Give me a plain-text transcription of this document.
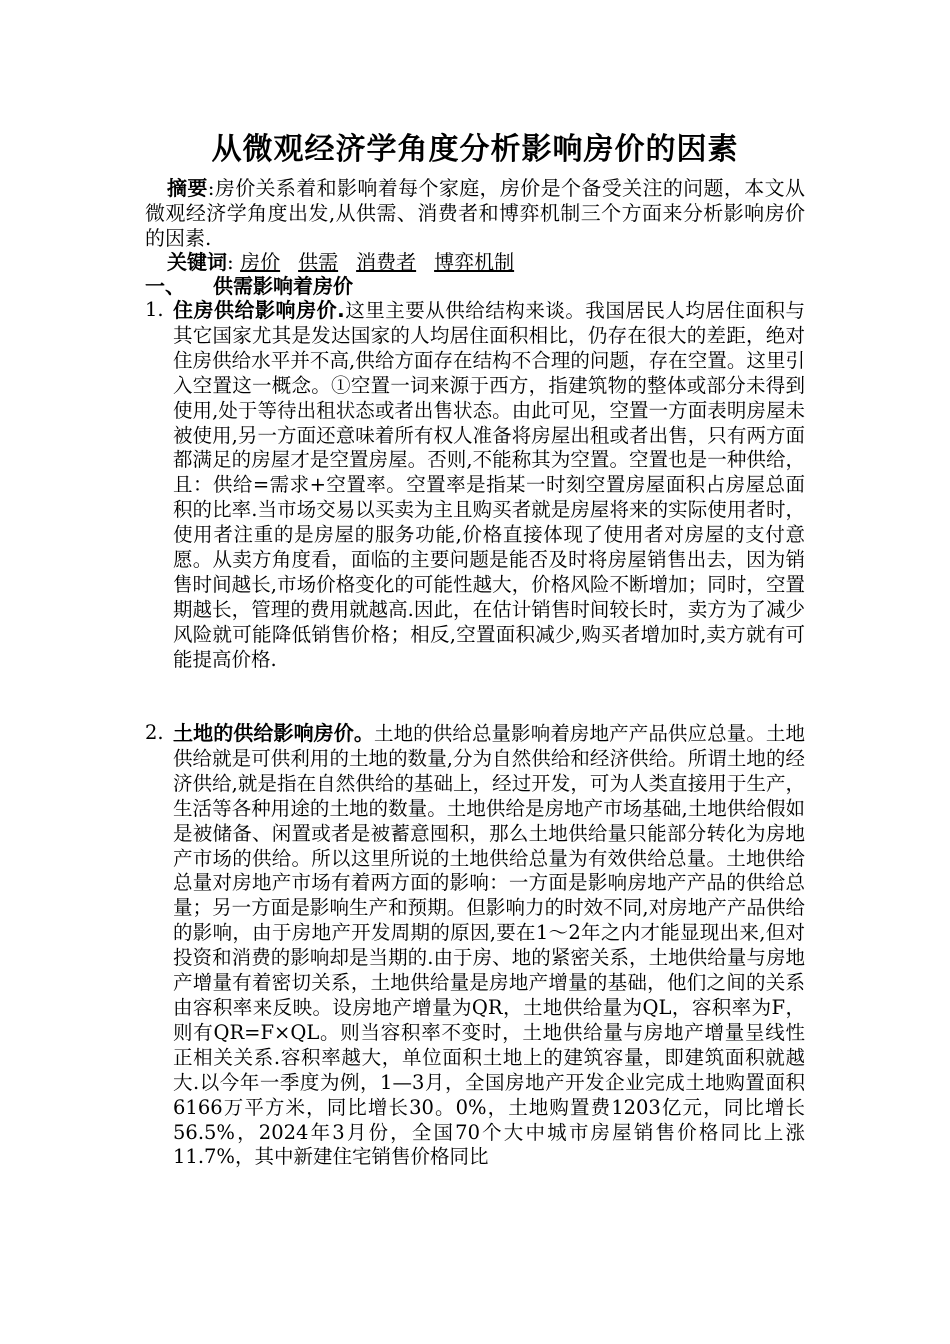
从微观经济学角度分析影响房价的因素
摘要:房价关系着和影响着每个家庭，房价是个备受关注的问题，本文从微观经济学角度出发,从供需、消费者和博弈机制三个方面来分析影响房价的因素.
关键词: 房价 供需 消费者 博弈机制
一、 供需影响着房价
1. 住房供给影响房价.这里主要从供给结构来谈。我国居民人均居住面积与其它国家尤其是发达国家的人均居住面积相比，仍存在很大的差距，绝对住房供给水平并不高,供给方面存在结构不合理的问题，存在空置。这里引入空置这一概念。①空置一词来源于西方，指建筑物的整体或部分未得到使用,处于等待出租状态或者出售状态。由此可见，空置一方面表明房屋未被使用,另一方面还意味着所有权人准备将房屋出租或者出售，只有两方面都满足的房屋才是空置房屋。否则,不能称其为空置。空置也是一种供给，且：供给=需求+空置率。空置率是指某一时刻空置房屋面积占房屋总面积的比率.当市场交易以买卖为主且购买者就是房屋将来的实际使用者时，使用者注重的是房屋的服务功能,价格直接体现了使用者对房屋的支付意愿。从卖方角度看，面临的主要问题是能否及时将房屋销售出去，因为销售时间越长,市场价格变化的可能性越大，价格风险不断增加；同时，空置期越长，管理的费用就越高.因此，在估计销售时间较长时，卖方为了减少风险就可能降低销售价格；相反,空置面积减少,购买者增加时,卖方就有可能提高价格.
2. 土地的供给影响房价。土地的供给总量影响着房地产产品供应总量。土地供给就是可供利用的土地的数量,分为自然供给和经济供给。所谓土地的经济供给,就是指在自然供给的基础上，经过开发，可为人类直接用于生产，生活等各种用途的土地的数量。土地供给是房地产市场基础,土地供给假如是被储备、闲置或者是被蓄意囤积，那么土地供给量只能部分转化为房地产市场的供给。所以这里所说的土地供给总量为有效供给总量。土地供给总量对房地产市场有着两方面的影响：一方面是影响房地产产品的供给总量；另一方面是影响生产和预期。但影响力的时效不同,对房地产产品供给的影响，由于房地产开发周期的原因,要在1～2年之内才能显现出来,但对投资和消费的影响却是当期的.由于房、地的紧密关系，土地供给量与房地产增量有着密切关系，土地供给量是房地产增量的基础，他们之间的关系由容积率来反映。设房地产增量为QR，土地供给量为QL，容积率为F，则有QR=F×QL。则当容积率不变时，土地供给量与房地产增量呈线性正相关关系.容积率越大，单位面积土地上的建筑容量，即建筑面积就越大.以今年一季度为例，1—3月，全国房地产开发企业完成土地购置面积6166万平方米，同比增长30。0%，土地购置费1203亿元，同比增长56.5%，2024年3月份，全国70个大中城市房屋销售价格同比上涨11.7%，其中新建住宅销售价格同比
